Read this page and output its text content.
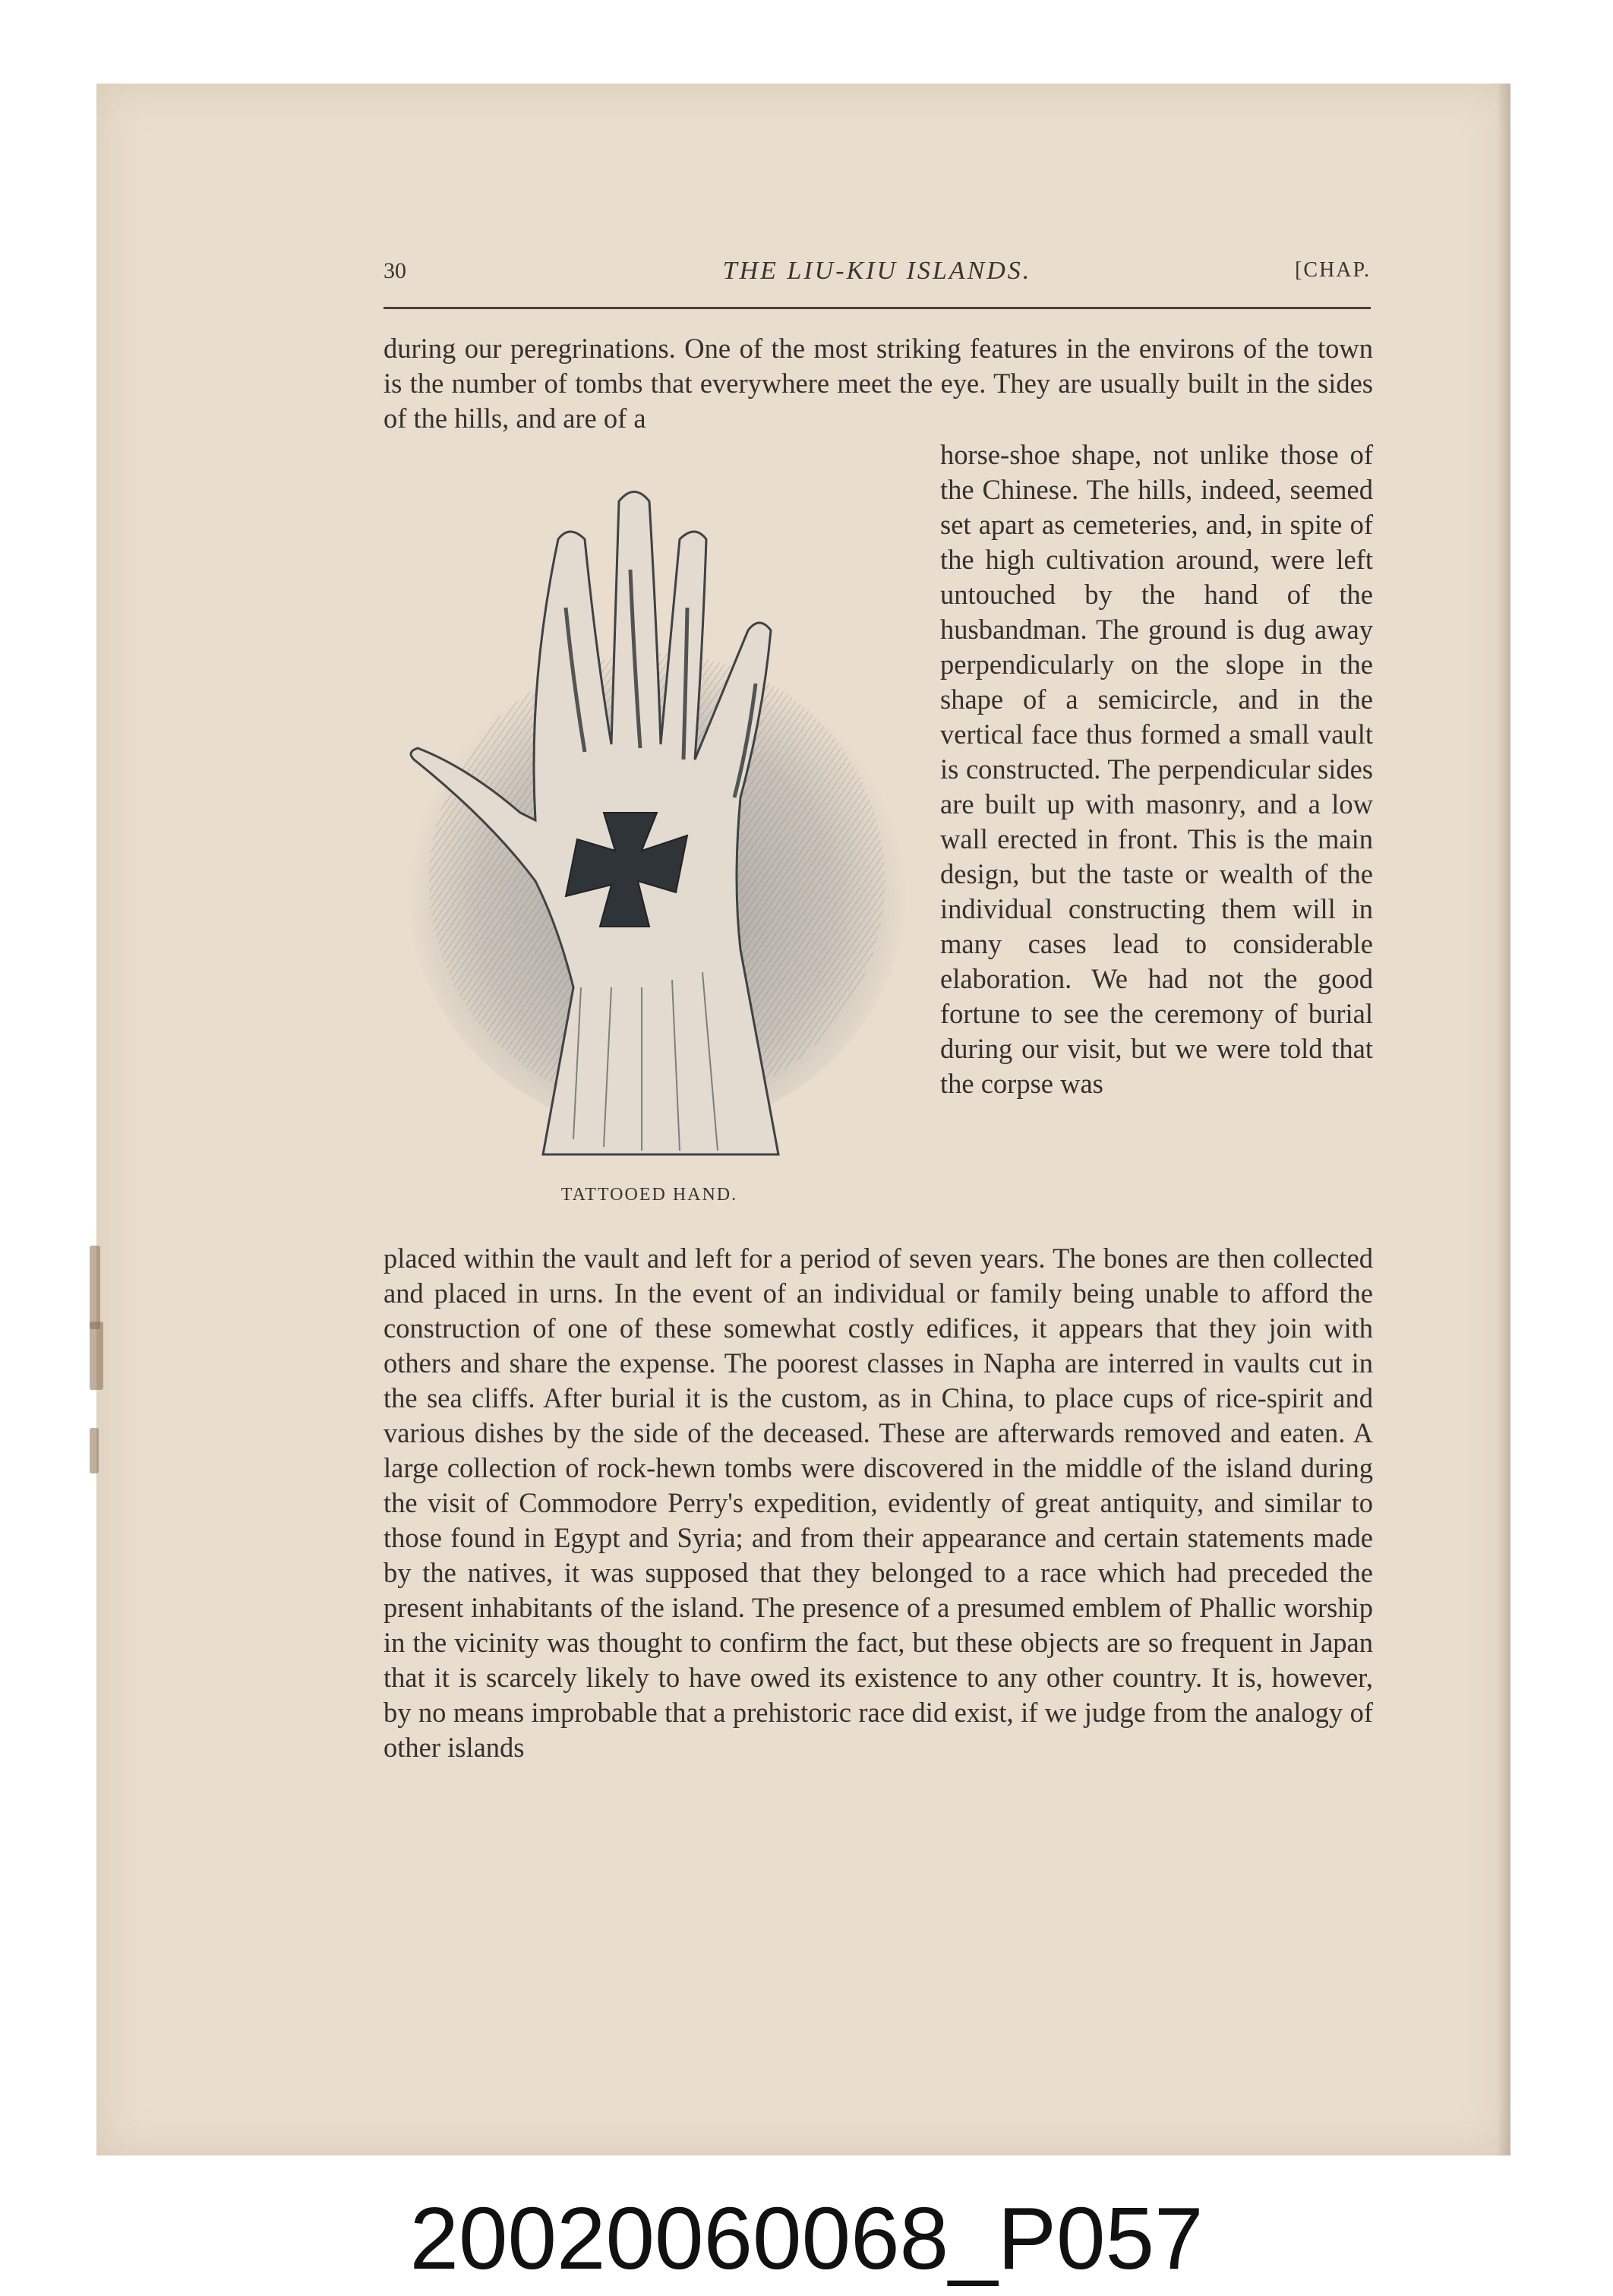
30	THE LIU-KIU ISLANDS.	[CHAP.
during our peregrinations. One of the most striking features in the environs of the town is the number of tombs that everywhere meet the eye. They are usually built in the sides of the hills, and are of a
horse-shoe shape, not unlike those of the Chinese. The hills, indeed, seemed set apart as cemeteries, and, in spite of the high cultivation around, were left untouched by the hand of the husbandman. The ground is dug away perpendicularly on the slope in the shape of a semicircle, and in the vertical face thus formed a small vault is constructed. The perpendicular sides are built up with masonry, and a low wall erected in front. This is the main design, but the taste or wealth of the individual constructing them will in many cases lead to considerable elaboration. We had not the good fortune to see the ceremony of burial during our visit, but we were told that the corpse was
TATTOOED HAND.
placed within the vault and left for a period of seven years. The bones are then collected and placed in urns. In the event of an individual or family being unable to afford the construction of one of these somewhat costly edifices, it appears that they join with others and share the expense. The poorest classes in Napha are interred in vaults cut in the sea cliffs. After burial it is the custom, as in China, to place cups of rice-spirit and various dishes by the side of the deceased. These are afterwards removed and eaten. A large collection of rock-hewn tombs were discovered in the middle of the island during the visit of Commodore Perry's expedition, evidently of great antiquity, and similar to those found in Egypt and Syria; and from their appearance and certain statements made by the natives, it was supposed that they belonged to a race which had preceded the present inhabitants of the island. The presence of a presumed emblem of Phallic worship in the vicinity was thought to confirm the fact, but these objects are so frequent in Japan that it is scarcely likely to have owed its existence to any other country. It is, however, by no means improbable that a prehistoric race did exist, if we judge from the analogy of other islands
20020060068_P057
